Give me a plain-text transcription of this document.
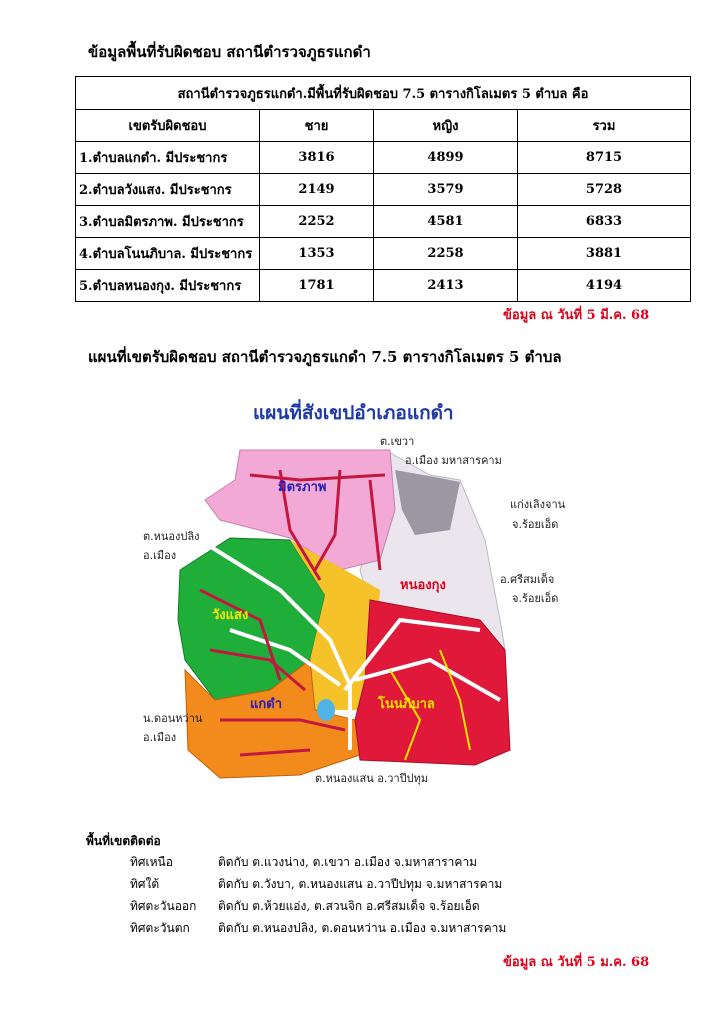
ข้อมูลพื้นที่รับผิดชอบ สถานีตำรวจภูธรแกดำ
สถานีตำรวจภูธรแกดำ.มีพื้นที่รับผิดชอบ 7.5 ตารางกิโลเมตร 5 ตำบล คือ			
เขตรับผิดชอบ	ชาย	หญิง	รวม
1.ตำบลแกดำ. มีประชากร	3816	4899	8715
2.ตำบลวังแสง. มีประชากร	2149	3579	5728
3.ตำบลมิตรภาพ. มีประชากร	2252	4581	6833
4.ตำบลโนนภิบาล. มีประชากร	1353	2258	3881
5.ตำบลหนองกุง. มีประชากร	1781	2413	4194
ข้อมูล ณ วันที่ 5 มี.ค. 68
แผนที่เขตรับผิดชอบ สถานีตำรวจภูธรแกดำ 7.5 ตารางกิโลเมตร 5 ตำบล
แผนที่สังเขปอำเภอแกดำ
มิตรภาพ
หนองกุง
วังแสง
แกดำ	โนนภิบาล
ต.เขวา
อ.เมือง มหาสารคาม
แก่งเลิงจาน
จ.ร้อยเอ็ด
อ.ศรีสมเด็จ
จ.ร้อยเอ็ด
ต.หนองปลิง
อ.เมือง
น.ดอนหว่าน
อ.เมือง
ต.หนองแสน อ.วาปีปทุม
พื้นที่เขตติดต่อ
ทิศเหนือ	ติดกับ ต.แวงน่าง, ต.เขวา อ.เมือง จ.มหาสาราคาม
ทิศใต้	ติดกับ ต.วังบา, ต.หนองแสน อ.วาปีปทุม จ.มหาสารคาม
ทิศตะวันออก ติดกับ ต.ห้วยแอ่ง, ต.สวนจิก อ.ศรีสมเด็จ จ.ร้อยเอ็ด
ทิศตะวันตก ติดกับ ต.หนองปลิง, ต.ดอนหว่าน อ.เมือง จ.มหาสารคาม
ข้อมูล ณ วันที่ 5 ม.ค. 68
